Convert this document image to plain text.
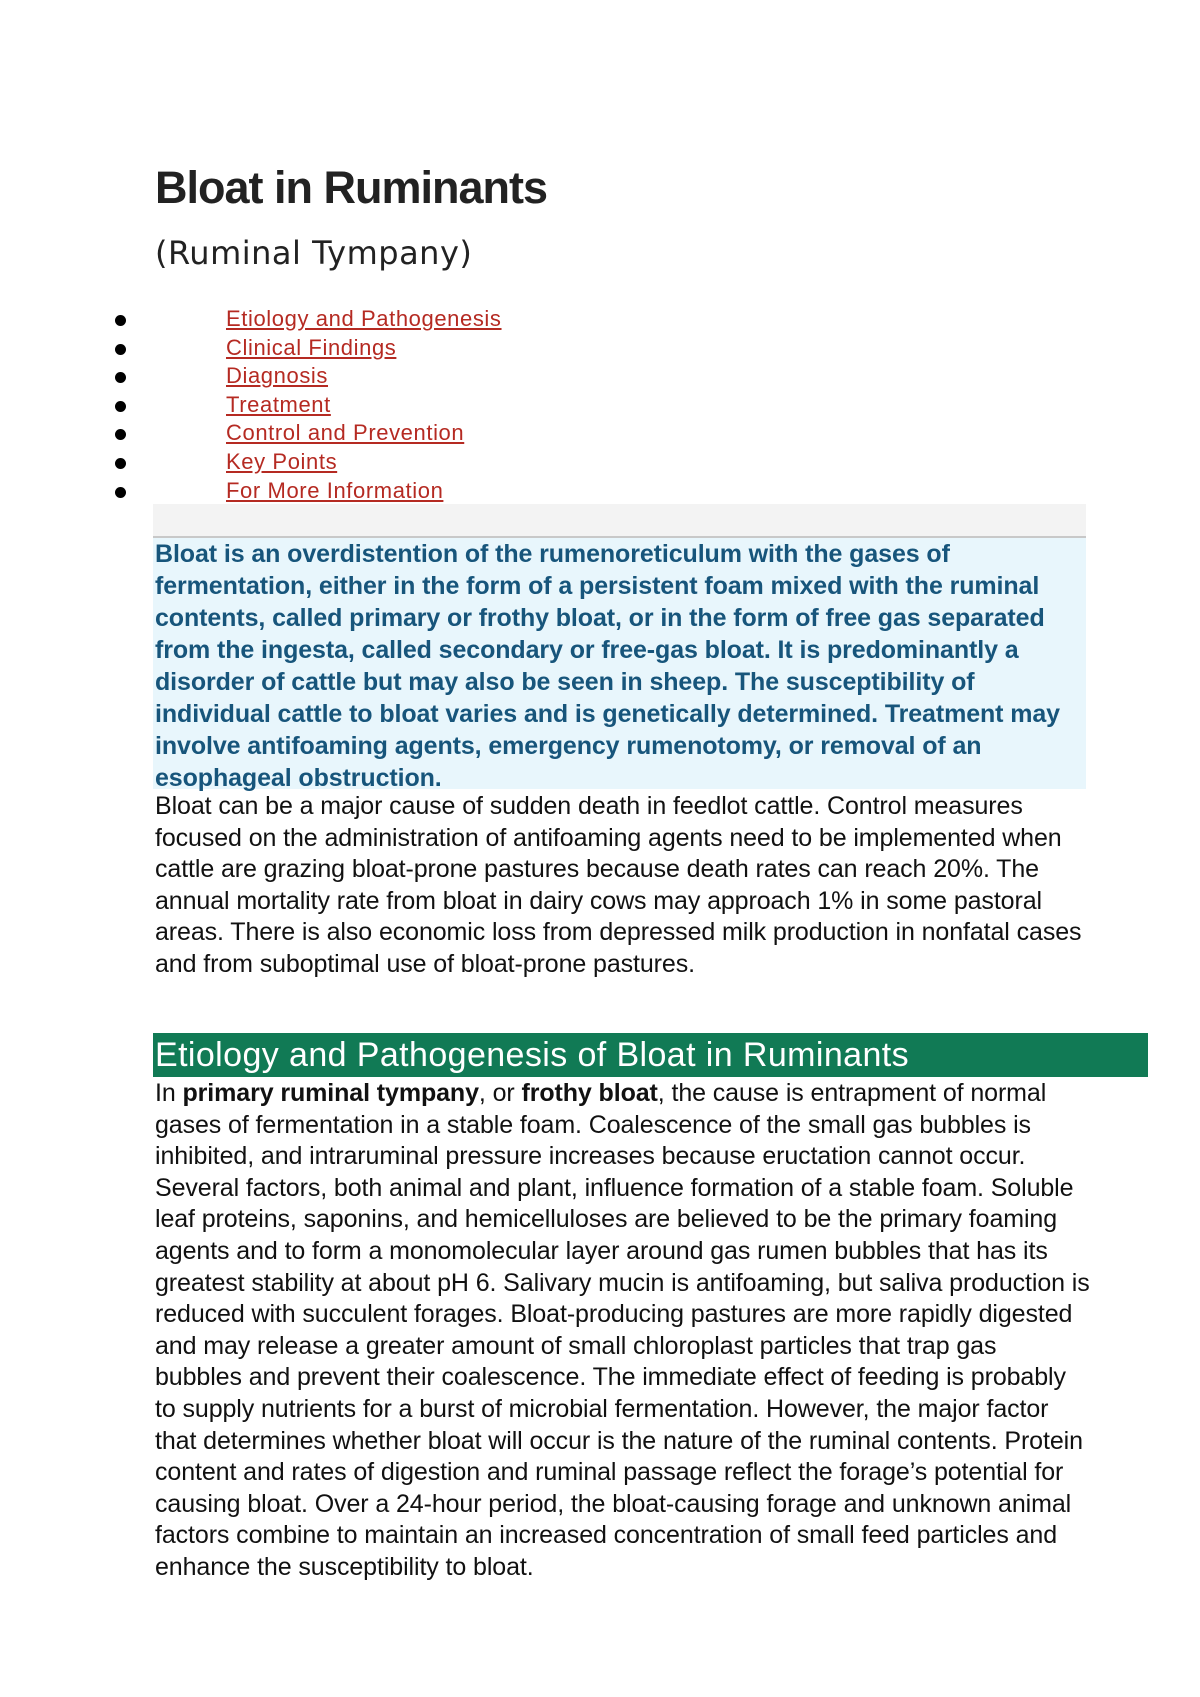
Bloat in Ruminants
(Ruminal Tympany)
Etiology and Pathogenesis
Clinical Findings
Diagnosis
Treatment
Control and Prevention
Key Points
For More Information

Bloat is an overdistention of the rumenoreticulum with the gases of fermentation, either in the form of a persistent foam mixed with the ruminal contents, called primary or frothy bloat, or in the form of free gas separated from the ingesta, called secondary or free-gas bloat. It is predominantly a disorder of cattle but may also be seen in sheep. The susceptibility of individual cattle to bloat varies and is genetically determined. Treatment may involve antifoaming agents, emergency rumenotomy, or removal of an esophageal obstruction.

Bloat can be a major cause of sudden death in feedlot cattle. Control measures focused on the administration of antifoaming agents need to be implemented when cattle are grazing bloat-prone pastures because death rates can reach 20%. The annual mortality rate from bloat in dairy cows may approach 1% in some pastoral areas. There is also economic loss from depressed milk production in nonfatal cases and from suboptimal use of bloat-prone pastures.

Etiology and Pathogenesis of Bloat in Ruminants

In primary ruminal tympany, or frothy bloat, the cause is entrapment of normal gases of fermentation in a stable foam. Coalescence of the small gas bubbles is inhibited, and intraruminal pressure increases because eructation cannot occur. Several factors, both animal and plant, influence formation of a stable foam. Soluble leaf proteins, saponins, and hemicelluloses are believed to be the primary foaming agents and to form a monomolecular layer around gas rumen bubbles that has its greatest stability at about pH 6. Salivary mucin is antifoaming, but saliva production is reduced with succulent forages. Bloat-producing pastures are more rapidly digested and may release a greater amount of small chloroplast particles that trap gas bubbles and prevent their coalescence. The immediate effect of feeding is probably to supply nutrients for a burst of microbial fermentation. However, the major factor that determines whether bloat will occur is the nature of the ruminal contents. Protein content and rates of digestion and ruminal passage reflect the forage’s potential for causing bloat. Over a 24-hour period, the bloat-causing forage and unknown animal factors combine to maintain an increased concentration of small feed particles and enhance the susceptibility to bloat.
